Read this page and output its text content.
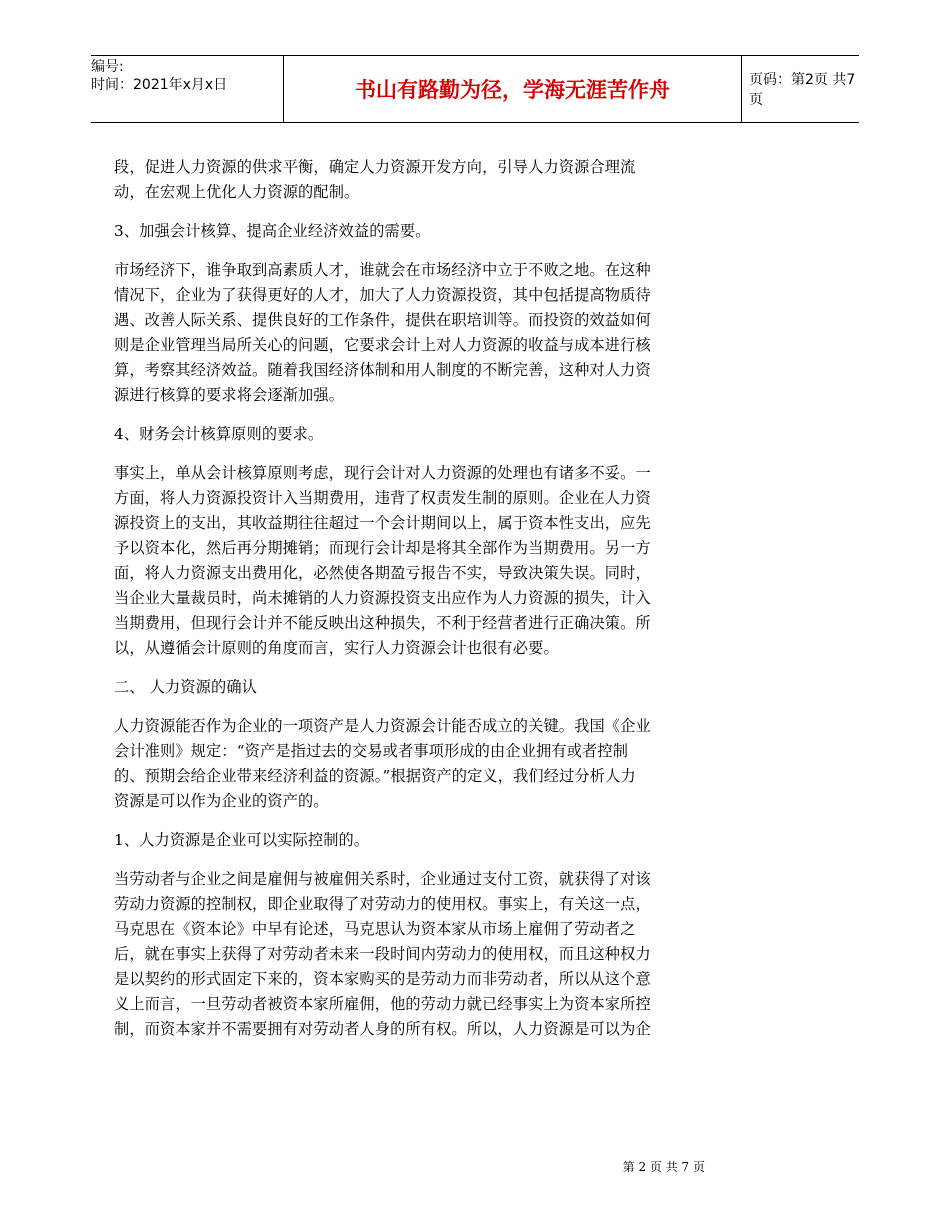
编号:
时间：2021年x月x日	书山有路勤为径，学海无涯苦作舟	页码：第2页 共7页
段，促进人力资源的供求平衡，确定人力资源开发方向，引导人力资源合理流
动，在宏观上优化人力资源的配制。
3、加强会计核算、提高企业经济效益的需要。
市场经济下，谁争取到高素质人才，谁就会在市场经济中立于不败之地。在这种
情况下，企业为了获得更好的人才，加大了人力资源投资，其中包括提高物质待
遇、改善人际关系、提供良好的工作条件，提供在职培训等。而投资的效益如何
则是企业管理当局所关心的问题，它要求会计上对人力资源的收益与成本进行核
算，考察其经济效益。随着我国经济体制和用人制度的不断完善，这种对人力资
源进行核算的要求将会逐渐加强。
4、财务会计核算原则的要求。
事实上，单从会计核算原则考虑，现行会计对人力资源的处理也有诸多不妥。一
方面，将人力资源投资计入当期费用，违背了权责发生制的原则。企业在人力资
源投资上的支出，其收益期往往超过一个会计期间以上，属于资本性支出，应先
予以资本化，然后再分期摊销；而现行会计却是将其全部作为当期费用。另一方
面，将人力资源支出费用化，必然使各期盈亏报告不实，导致决策失误。同时，
当企业大量裁员时，尚未摊销的人力资源投资支出应作为人力资源的损失，计入
当期费用，但现行会计并不能反映出这种损失，不利于经营者进行正确决策。所
以，从遵循会计原则的角度而言，实行人力资源会计也很有必要。
二、 人力资源的确认
人力资源能否作为企业的一项资产是人力资源会计能否成立的关键。我国《企业
会计准则》规定：“资产是指过去的交易或者事项形成的由企业拥有或者控制
的、预期会给企业带来经济利益的资源。”根据资产的定义，我们经过分析人力
资源是可以作为企业的资产的。
1、人力资源是企业可以实际控制的。
当劳动者与企业之间是雇佣与被雇佣关系时，企业通过支付工资，就获得了对该
劳动力资源的控制权，即企业取得了对劳动力的使用权。事实上，有关这一点，
马克思在《资本论》中早有论述，马克思认为资本家从市场上雇佣了劳动者之
后，就在事实上获得了对劳动者未来一段时间内劳动力的使用权，而且这种权力
是以契约的形式固定下来的，资本家购买的是劳动力而非劳动者，所以从这个意
义上而言，一旦劳动者被资本家所雇佣，他的劳动力就已经事实上为资本家所控
制，而资本家并不需要拥有对劳动者人身的所有权。所以，人力资源是可以为企
第 2 页 共 7 页
